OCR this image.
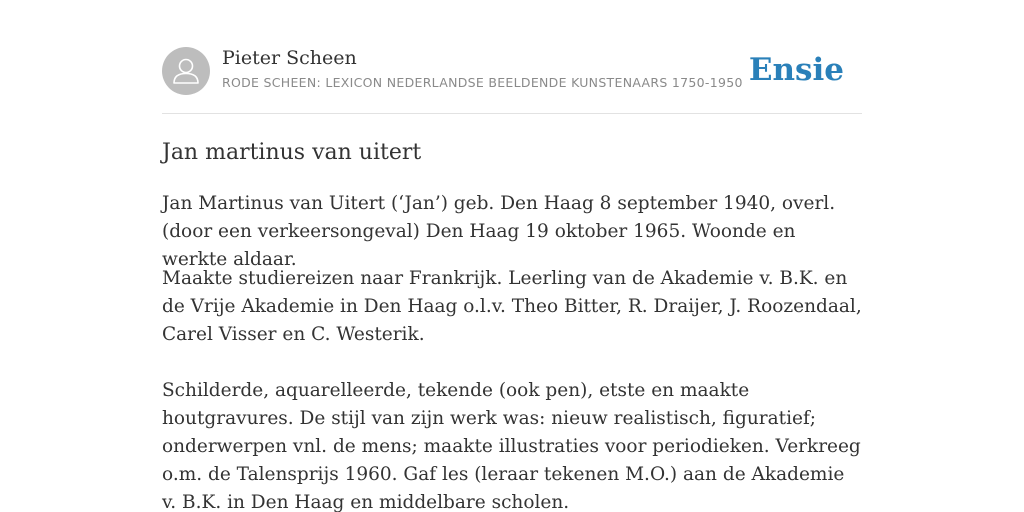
Pieter Scheen
RODE SCHEEN: LEXICON NEDERLANDSE BEELDENDE KUNSTENAARS 1750-1950 Ensie
Jan martinus van uitert

Jan Martinus van Uitert (‘Jan’) geb. Den Haag 8 september 1940, overl. (door een verkeersongeval) Den Haag 19 oktober 1965. Woonde en werkte aldaar.

Maakte studiereizen naar Frankrijk. Leerling van de Akademie v. B.K. en de Vrije Akademie in Den Haag o.l.v. Theo Bitter, R. Draijer, J. Roozendaal, Carel Visser en C. Westerik.

Schilderde, aquarelleerde, tekende (ook pen), etste en maakte houtgravures. De stijl van zijn werk was: nieuw realistisch, figuratief; onderwerpen vnl. de mens; maakte illustraties voor periodieken. Verkreeg o.m. de Talensprijs 1960. Gaf les (leraar tekenen M.O.) aan de Akademie v. B.K. in Den Haag en middelbare scholen.
